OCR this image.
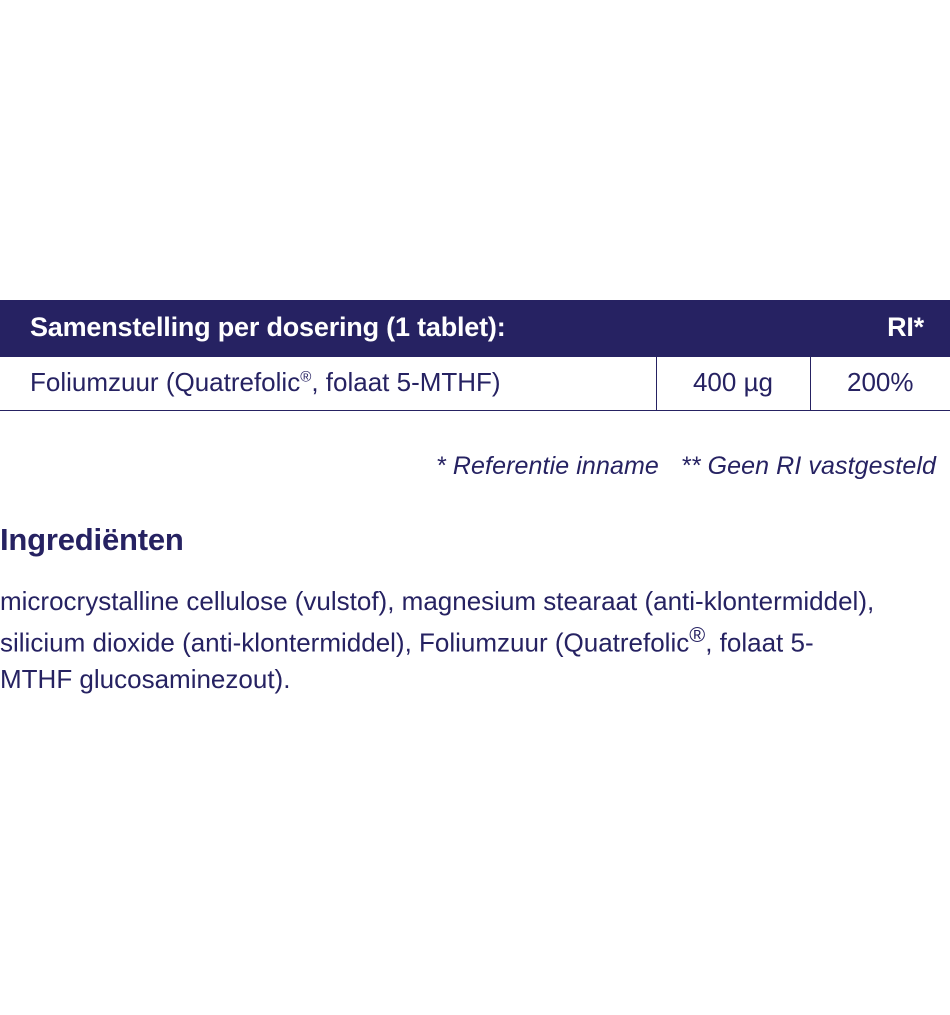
Samenstelling per dosering (1 tablet):		RI*
Foliumzuur (Quatrefolic®, folaat 5-MTHF)	400 µg	200%
* Referentie inname ** Geen RI vastgesteld
Ingrediënten
microcrystalline cellulose (vulstof), magnesium stearaat (anti-klontermiddel), silicium dioxide (anti-klontermiddel), Foliumzuur (Quatrefolic®, folaat 5-MTHF glucosaminezout).
